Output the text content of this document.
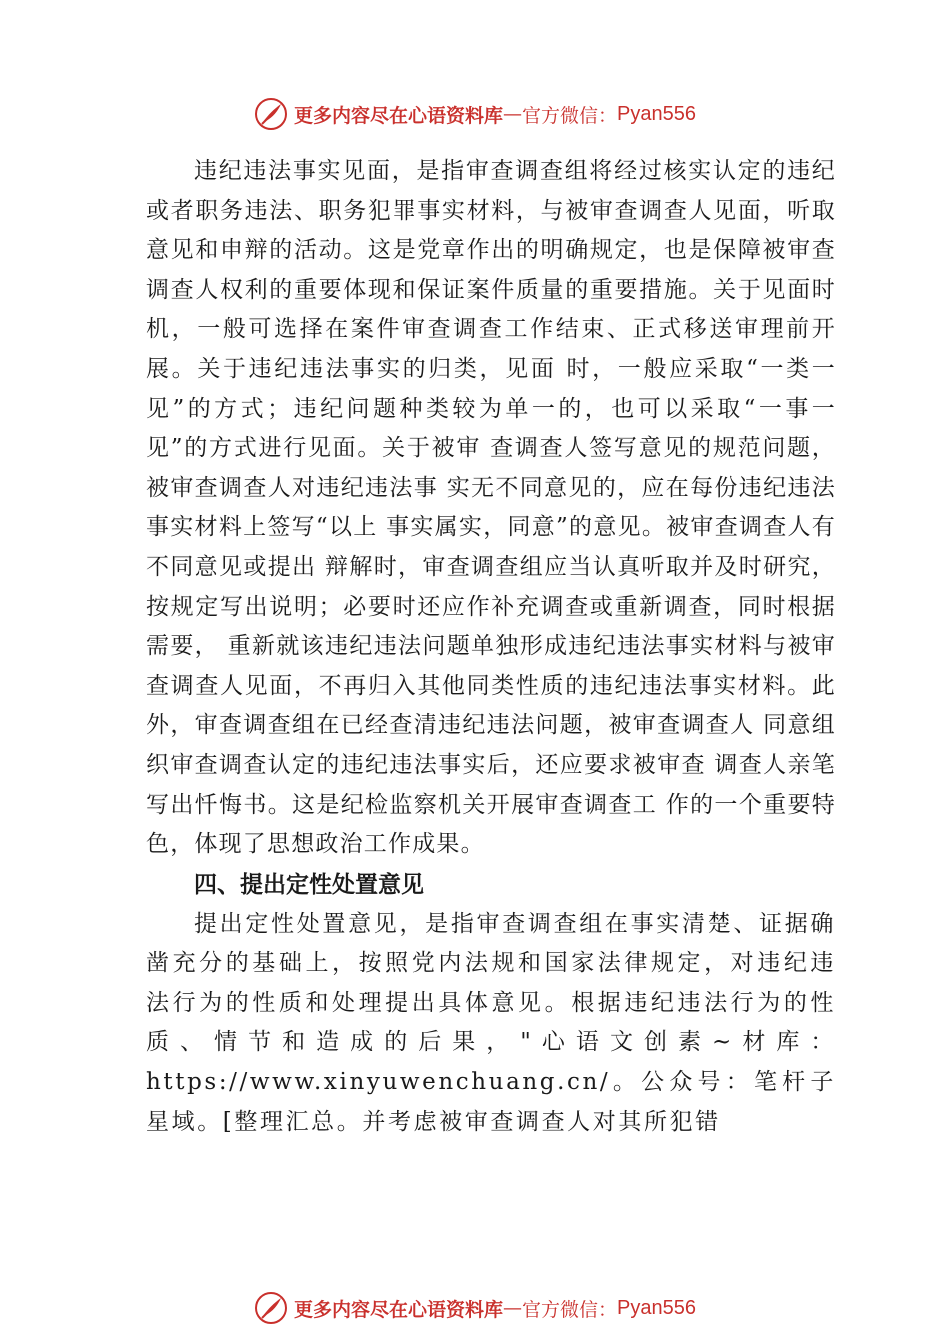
更多内容尽在心语资料库 — 官方微信： Pyan556

违纪违法事实见面，是指审查调查组将经过核实认定的违纪或者职务违法、职务犯罪事实材料，与被审查调查人见面，听取意见和申辩的活动。这是党章作出的明确规定，也是保障被审查调查人权利的重要体现和保证案件质量的重要措施。关于见面时机，一般可选择在案件审查调查工作结束、正式移送审理前开展。关于违纪违法事实的归类，见面 时，一般应采取“一类一见”的方式；违纪问题种类较为单一的，也可以采取“一事一见”的方式进行见面。关于被审 查调查人签写意见的规范问题，被审查调查人对违纪违法事 实无不同意见的，应在每份违纪违法事实材料上签写“以上 事实属实，同意”的意见。被审查调查人有不同意见或提出 辩解时，审查调查组应当认真听取并及时研究，按规定写出说明；必要时还应作补充调查或重新调查，同时根据需要， 重新就该违纪违法问题单独形成违纪违法事实材料与被审查调查人见面，不再归入其他同类性质的违纪违法事实材料。此外，审查调查组在已经查清违纪违法问题，被审查调查人 同意组织审查调查认定的违纪违法事实后，还应要求被审查 调查人亲笔写出忏悔书。这是纪检监察机关开展审查调查工 作的一个重要特色，体现了思想政治工作成果。

四、提出定性处置意见

提出定性处置意见，是指审查调查组在事实清楚、证据确凿充分的基础上，按照党内法规和国家法律规定，对违纪违法行为的性质和处理提出具体意见。根据违纪违法行为的性质、情节和造成的后果，"心语文创素~材库：https://www.xinyuwenchuang.cn/。公众号：笔杆子星域。[整理汇总。并考虑被审查调查人对其所犯错

更多内容尽在心语资料库 — 官方微信： Pyan556
